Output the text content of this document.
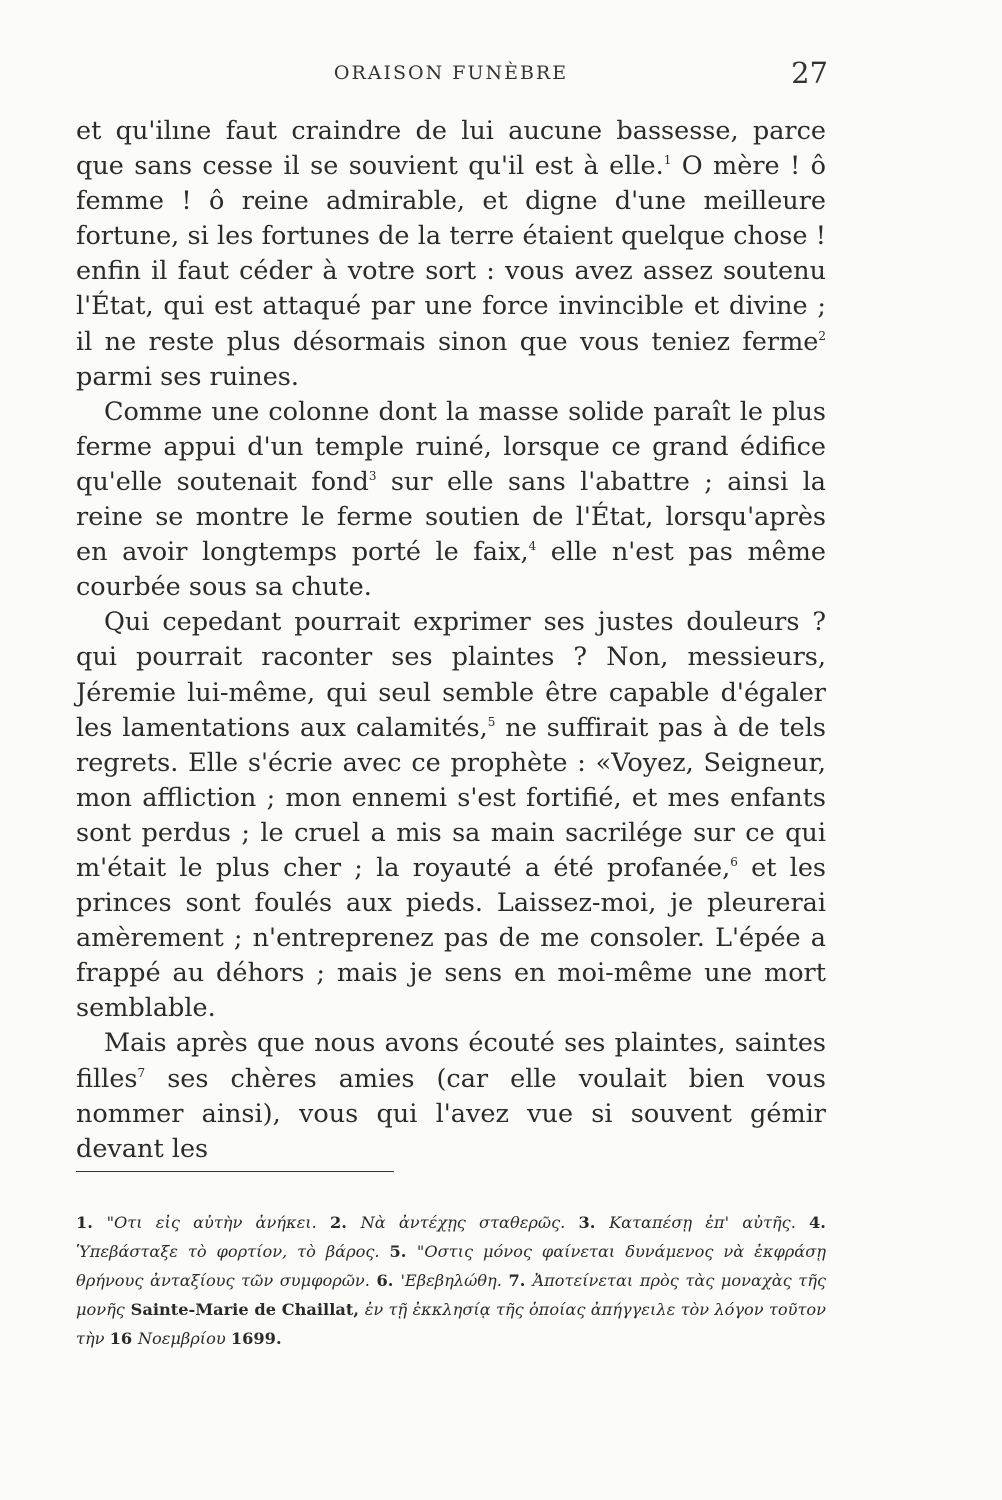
ORAISON FUNÈBRE	27

et qu'ilıne faut craindre de lui aucune bassesse, parce que sans cesse il se souvient qu'il est à elle.$^1$ O mère ! ô femme ! ô reine admirable, et digne d'une meilleure fortune, si les fortunes de la terre étaient quelque chose ! enfin il faut céder à votre sort : vous avez assez soutenu l'État, qui est attaqué par une force invincible et divine ; il ne reste plus désormais sinon que vous teniez ferme$^2$ parmi ses ruines.

Comme une colonne dont la masse solide paraît le plus ferme appui d'un temple ruiné, lorsque ce grand édifice qu'elle soutenait fond$^3$ sur elle sans l'abattre ; ainsi la reine se montre le ferme soutien de l'État, lorsqu'après en avoir longtemps porté le faix,$^4$ elle n'est pas même courbée sous sa chute.

Qui cepedant pourrait exprimer ses justes douleurs ? qui pourrait raconter ses plaintes ? Non, messieurs, Jéremie lui-même, qui seul semble être capable d'égaler les lamentations aux calamités,$^5$ ne suffirait pas à de tels regrets. Elle s'écrie avec ce prophète : «Voyez, Seigneur, mon affliction ; mon ennemi s'est fortifié, et mes enfants sont perdus ; le cruel a mis sa main sacrilége sur ce qui m'était le plus cher ; la royauté a été profanée,$^6$ et les princes sont foulés aux pieds. Laissez-moi, je pleurerai amèrement ; n'entreprenez pas de me consoler. L'épée a frappé au déhors ; mais je sens en moi-même une mort semblable.

Mais après que nous avons écouté ses plaintes, saintes filles$^7$ ses chères amies (car elle voulait bien vous nommer ainsi), vous qui l'avez vue si souvent gémir devant les

1. "Οτι εἰς αὐτὴν ἀνήκει. 2. Νὰ ἀντέχῃς σταθερῶς. 3. Καταπέσῃ ἐπ' αὐτῆς. 4. Ὑπεβάσταξε τὸ φορτίον, τὸ βάρος. 5. "Οστις μόνος φαίνεται δυνάμενος νὰ ἐκφράσῃ θρήνους ἀνταξίους τῶν συμφορῶν. 6. 'Εβεβηλώθη. 7. Ἀποτείνεται πρὸς τὰς μοναχὰς τῆς μονῆς Sainte-Marie de Chaillat, ἐν τῇ ἐκκλησίᾳ τῆς ὁποίας ἀπήγγειλε τὸν λόγον τοῦτον τὴν 16 Νοεμβρίου 1699.
